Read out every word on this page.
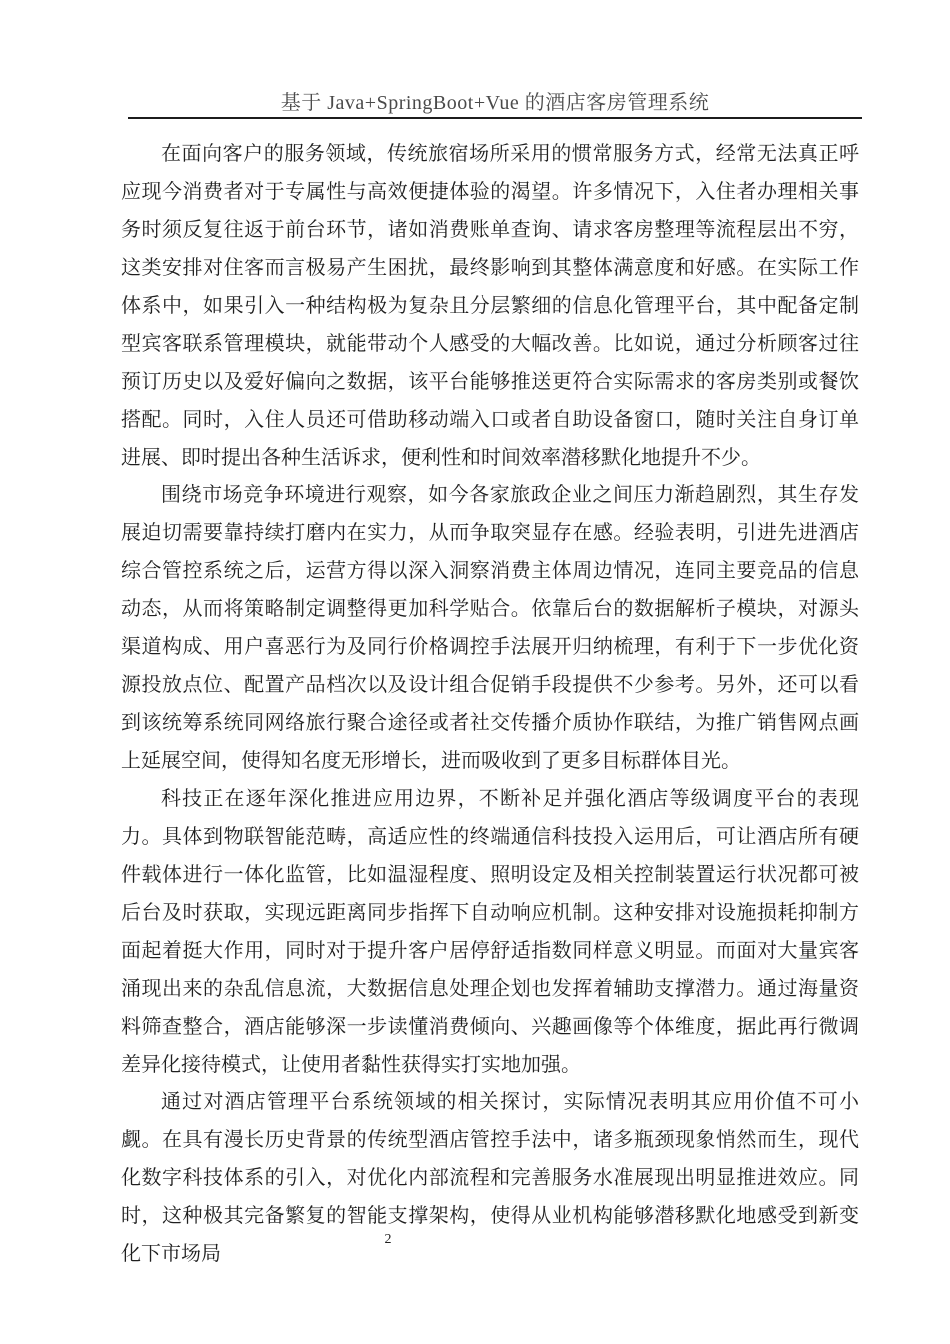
基于 Java+SpringBoot+Vue 的酒店客房管理系统

在面向客户的服务领域，传统旅宿场所采用的惯常服务方式，经常无法真正呼应现今消费者对于专属性与高效便捷体验的渴望。许多情况下，入住者办理相关事务时须反复往返于前台环节，诸如消费账单查询、请求客房整理等流程层出不穷，这类安排对住客而言极易产生困扰，最终影响到其整体满意度和好感。在实际工作体系中，如果引入一种结构极为复杂且分层繁细的信息化管理平台，其中配备定制型宾客联系管理模块，就能带动个人感受的大幅改善。比如说，通过分析顾客过往预订历史以及爱好偏向之数据，该平台能够推送更符合实际需求的客房类别或餐饮搭配。同时，入住人员还可借助移动端入口或者自助设备窗口，随时关注自身订单进展、即时提出各种生活诉求，便利性和时间效率潜移默化地提升不少。

围绕市场竞争环境进行观察，如今各家旅政企业之间压力渐趋剧烈，其生存发展迫切需要靠持续打磨内在实力，从而争取突显存在感。经验表明，引进先进酒店综合管控系统之后，运营方得以深入洞察消费主体周边情况，连同主要竞品的信息动态，从而将策略制定调整得更加科学贴合。依靠后台的数据解析子模块，对源头渠道构成、用户喜恶行为及同行价格调控手法展开归纳梳理，有利于下一步优化资源投放点位、配置产品档次以及设计组合促销手段提供不少参考。另外，还可以看到该统筹系统同网络旅行聚合途径或者社交传播介质协作联结，为推广销售网点画上延展空间，使得知名度无形增长，进而吸收到了更多目标群体目光。

科技正在逐年深化推进应用边界，不断补足并强化酒店等级调度平台的表现力。具体到物联智能范畴，高适应性的终端通信科技投入运用后，可让酒店所有硬件载体进行一体化监管，比如温湿程度、照明设定及相关控制装置运行状况都可被后台及时获取，实现远距离同步指挥下自动响应机制。这种安排对设施损耗抑制方面起着挺大作用，同时对于提升客户居停舒适指数同样意义明显。而面对大量宾客涌现出来的杂乱信息流，大数据信息处理企划也发挥着辅助支撑潜力。通过海量资料筛查整合，酒店能够深一步读懂消费倾向、兴趣画像等个体维度，据此再行微调差异化接待模式，让使用者黏性获得实打实地加强。

通过对酒店管理平台系统领域的相关探讨，实际情况表明其应用价值不可小觑。在具有漫长历史背景的传统型酒店管控手法中，诸多瓶颈现象悄然而生，现代化数字科技体系的引入，对优化内部流程和完善服务水准展现出明显推进效应。同时，这种极其完备繁复的智能支撑架构，使得从业机构能够潜移默化地感受到新变化下市场局

2
